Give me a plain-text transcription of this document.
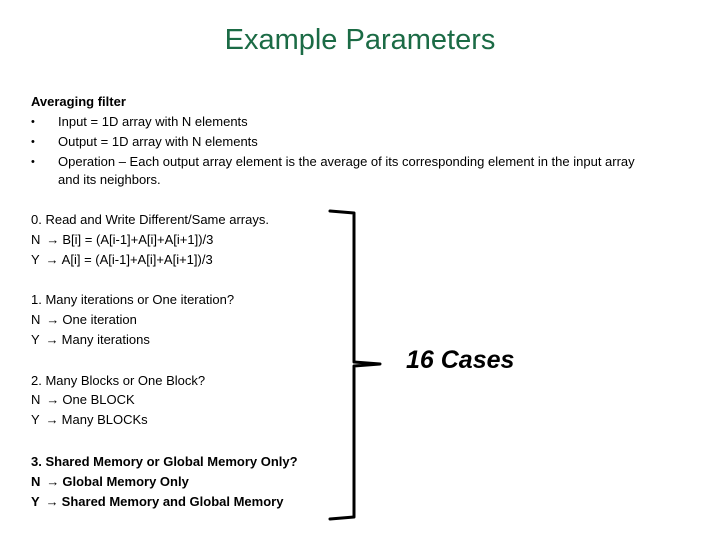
Example Parameters
Averaging filter
• Input = 1D array with N elements
• Output = 1D array with N elements
• Operation – Each output array element is the average of its corresponding element in the input array
and its neighbors.
0. Read and Write Different/Same arrays.
N → B[i] = (A[i-1]+A[i]+A[i+1])/3
Y → A[i] = (A[i-1]+A[i]+A[i+1])/3
1. Many iterations or One iteration?
N → One iteration
Y → Many iterations
2. Many Blocks or One Block?
N → One BLOCK
Y → Many BLOCKs
3. Shared Memory or Global Memory Only?
N → Global Memory Only
Y → Shared Memory and Global Memory
16 Cases
